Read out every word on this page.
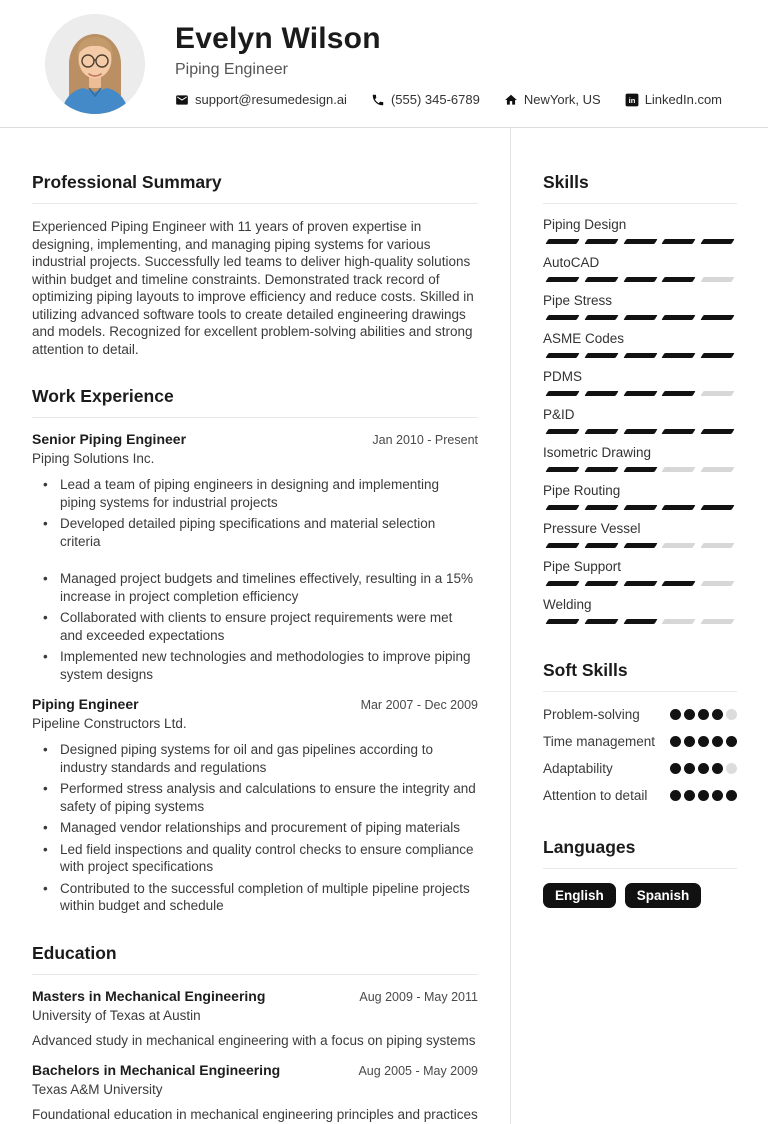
Evelyn Wilson
Piping Engineer
support@resumedesign.ai	(555) 345-6789	NewYork, US in LinkedIn.com
Professional Summary

Experienced Piping Engineer with 11 years of proven expertise in designing, implementing, and managing piping systems for various industrial projects. Successfully led teams to deliver high-quality solutions within budget and timeline constraints. Demonstrated track record of optimizing piping layouts to improve efficiency and reduce costs. Skilled in utilizing advanced software tools to create detailed engineering drawings and models. Recognized for excellent problem-solving abilities and strong attention to detail.

Work Experience
Senior Piping Engineer	Jan 2010 - Present
Piping Solutions Inc.
• Lead a team of piping engineers in designing and implementing piping systems for industrial projects
• Developed detailed piping specifications and material selection criteria
• Managed project budgets and timelines effectively, resulting in a 15% increase in project completion efficiency
• Collaborated with clients to ensure project requirements were met and exceeded expectations
• Implemented new technologies and methodologies to improve piping system designs
Piping Engineer	Mar 2007 - Dec 2009
Pipeline Constructors Ltd.
• Designed piping systems for oil and gas pipelines according to industry standards and regulations
• Performed stress analysis and calculations to ensure the integrity and safety of piping systems
• Managed vendor relationships and procurement of piping materials
• Led field inspections and quality control checks to ensure compliance with project specifications
• Contributed to the successful completion of multiple pipeline projects within budget and schedule
Education
Masters in Mechanical Engineering	Aug 2009 - May 2011
University of Texas at Austin

Advanced study in mechanical engineering with a focus on piping systems

Bachelors in Mechanical Engineering	Aug 2005 - May 2009
Texas A&M University

Foundational education in mechanical engineering principles and practices

Skills
Piping Design
AutoCAD
Pipe Stress
ASME Codes
PDMS
P&ID
Isometric Drawing
Pipe Routing
Pressure Vessel
Pipe Support
Welding
Soft Skills
Problem-solving
Time management
Adaptability
Attention to detail
Languages
English	Spanish
